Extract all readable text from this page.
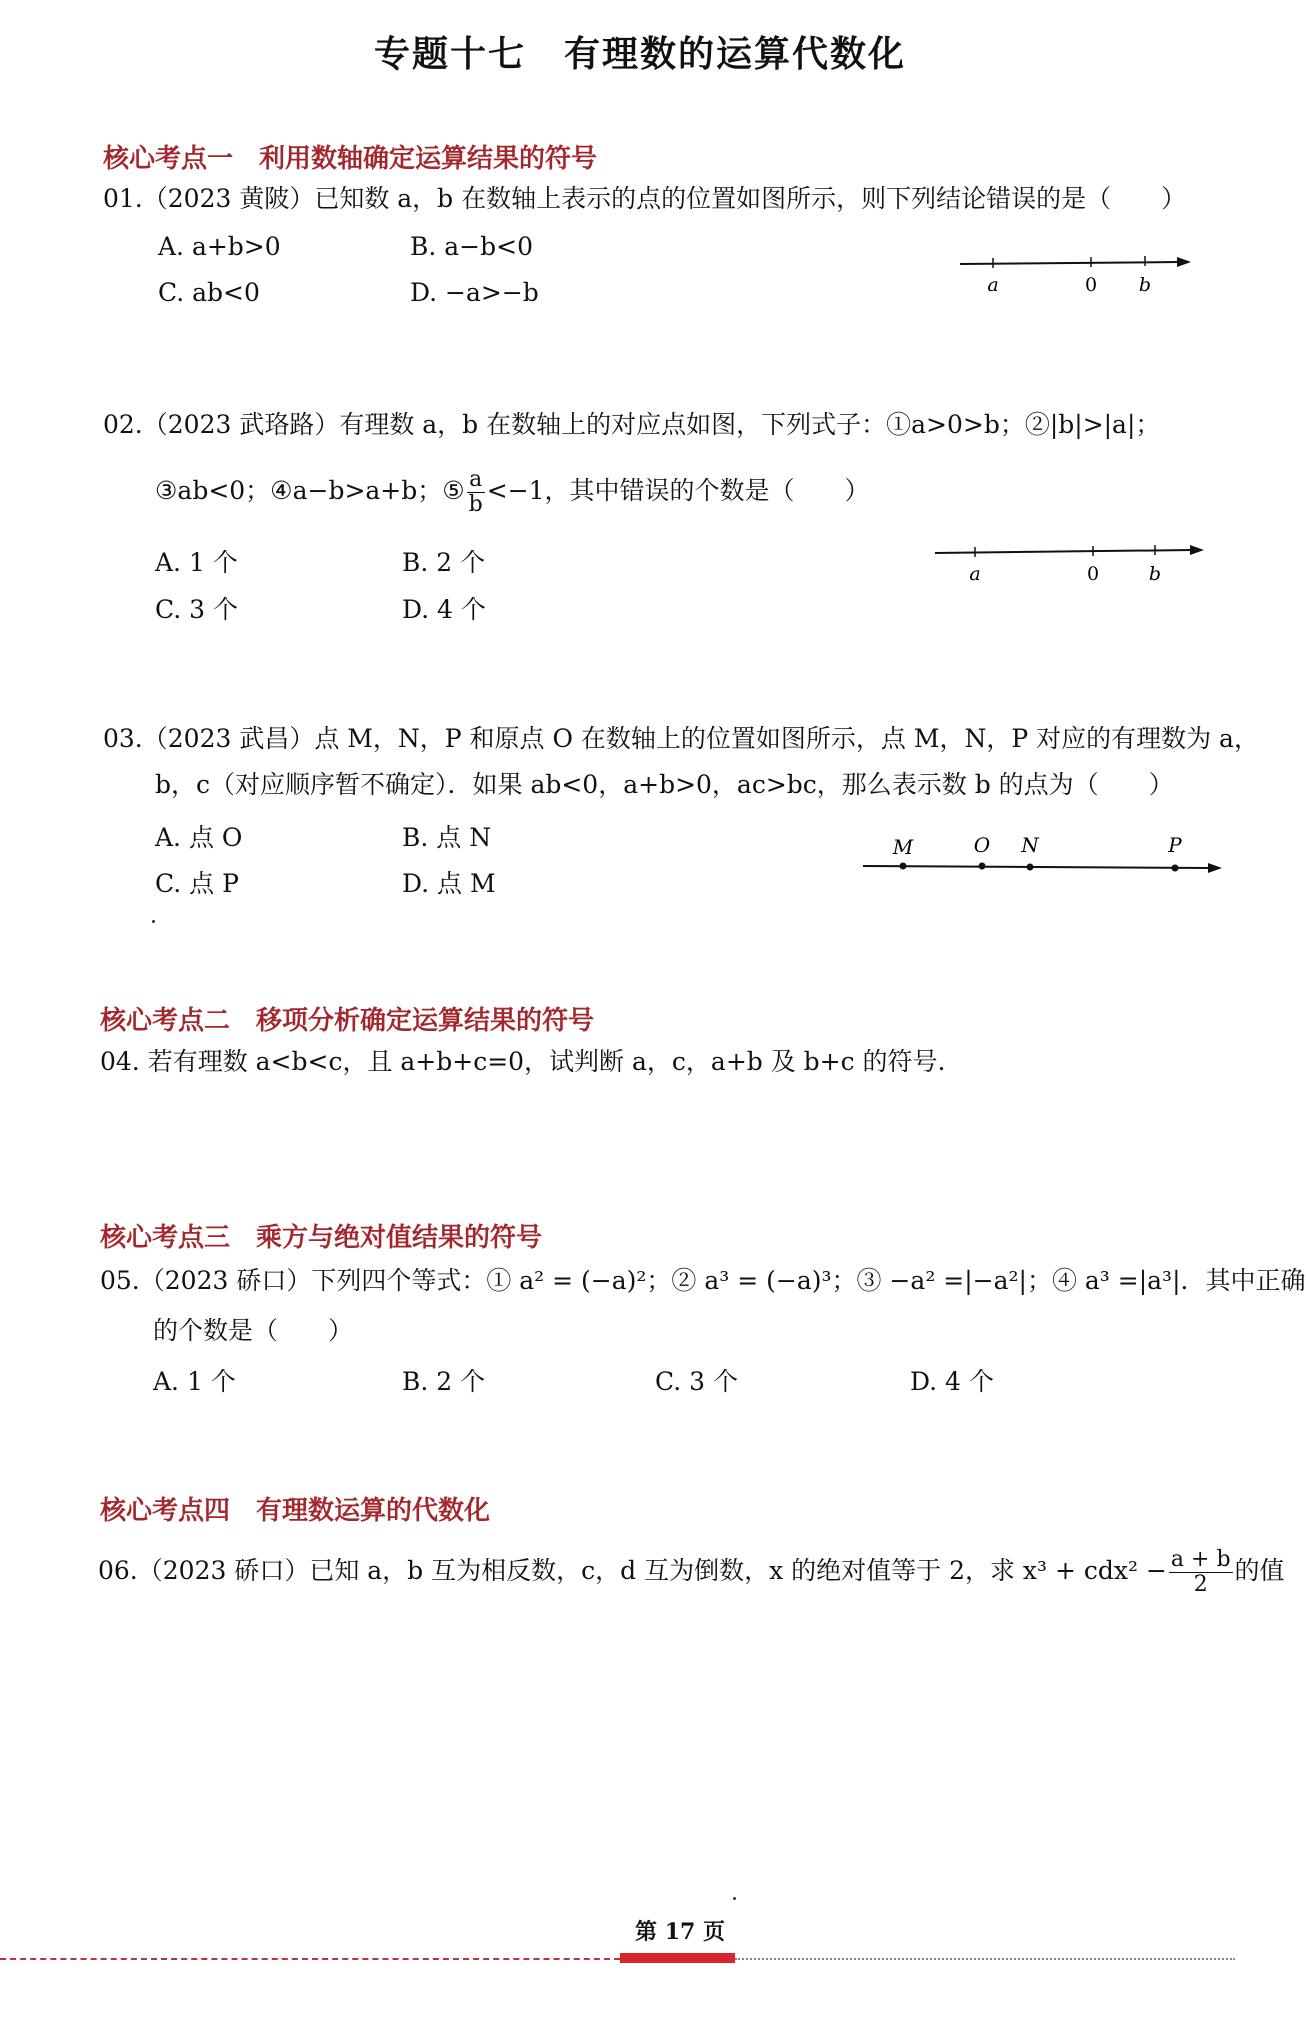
专题十七　有理数的运算代数化
核心考点一　利用数轴确定运算结果的符号
01.（2023 黄陂）已知数 a，b 在数轴上表示的点的位置如图所示，则下列结论错误的是（　　）
A. a+b>0	B. a−b<0
C. ab<0	D. −a>−b	a	0 b
02.（2023 武珞路）有理数 a，b 在数轴上的对应点如图，下列式子：①a>0>b；②|b|>|a|；
③ab<0；④a−b>a+b；⑤ $\frac{a}{b} <-1$，其中错误的个数是（　　）
A. 1 个	B. 2 个
C. 3 个	D. 4 个
a	0	b
03.（2023 武昌）点 M，N，P 和原点 O 在数轴上的位置如图所示，点 M，N，P 对应的有理数为 a，
b，c（对应顺序暂不确定）．如果 ab<0，a+b>0，ac>bc，那么表示数 b 的点为（　　）
A. 点 O	B. 点 N
C. 点 P	D. 点 M
M	O N	P
核心考点二　移项分析确定运算结果的符号
04. 若有理数 a<b<c，且 a+b+c=0，试判断 a，c，a+b 及 b+c 的符号．
核心考点三　乘方与绝对值结果的符号
05.（2023 硚口）下列四个等式：① a² = (−a)²；② a³ = (−a)³；③ −a² =|−a²|；④ a³ =|a³|．其中正确
的个数是（　　）
A. 1 个	B. 2 个	C. 3 个	D. 4 个
核心考点四　有理数运算的代数化
06.（2023 硚口）已知 a，b 互为相反数，c，d 互为倒数，x 的绝对值等于 2，求 $x^3 + cdx^2 - \frac{a + b}{2}$ 的值
第 17 页
